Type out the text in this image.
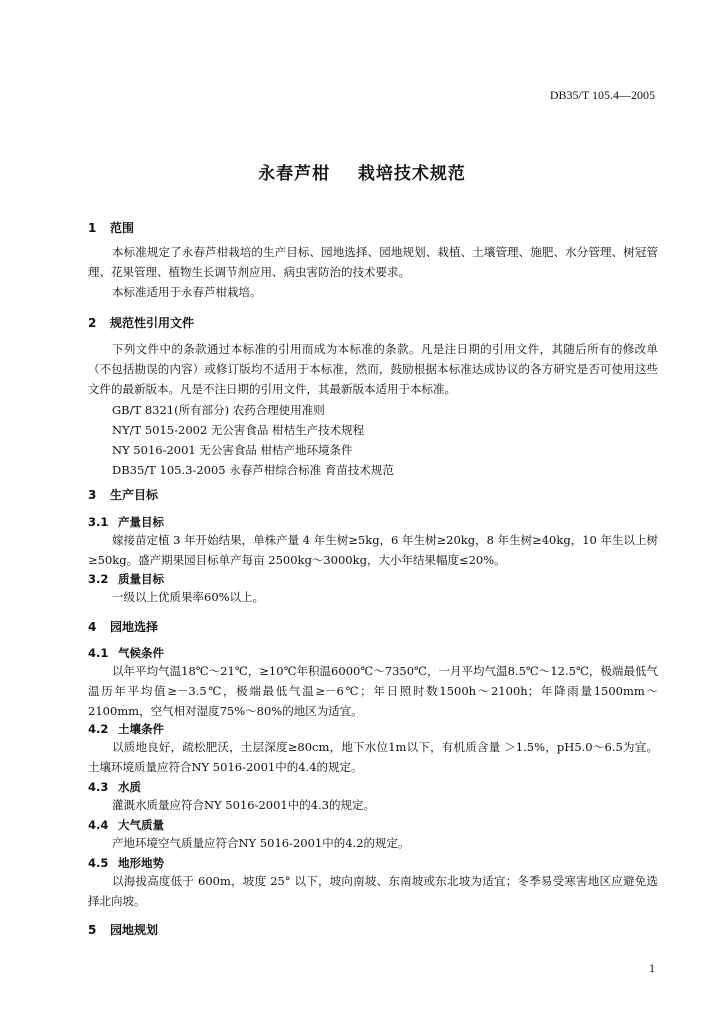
DB35/T 105.4—2005
永春芦柑    栽培技术规范
1 范围

本标准规定了永春芦柑栽培的生产目标、园地选择、园地规划、栽植、土壤管理、施肥、水分管理、树冠管理、花果管理、植物生长调节剂应用、病虫害防治的技术要求。

本标准适用于永春芦柑栽培。

2 规范性引用文件

下列文件中的条款通过本标准的引用而成为本标准的条款。凡是注日期的引用文件，其随后所有的修改单（不包括勘误的内容）或修订版均不适用于本标准，然而，鼓励根据本标准达成协议的各方研究是否可使用这些文件的最新版本。凡是不注日期的引用文件，其最新版本适用于本标准。

GB/T 8321(所有部分) 农药合理使用准则
NY/T 5015-2002 无公害食品 柑桔生产技术规程
NY 5016-2001 无公害食品 柑桔产地环境条件
DB35/T 105.3-2005 永春芦柑综合标准 育苗技术规范
3 生产目标
3.1 产量目标

嫁接苗定植 3 年开始结果，单株产量 4 年生树≥5kg，6 年生树≥20kg，8 年生树≥40kg，10 年生以上树≥50kg。盛产期果园目标单产每亩 2500kg～3000kg，大小年结果幅度≤20%。

3.2 质量目标

一级以上优质果率60%以上。

4 园地选择
4.1 气候条件

以年平均气温18℃～21℃，≥10℃年积温6000℃～7350℃，一月平均气温8.5℃～12.5℃，极端最低气温历年平均值≥－3.5℃，极端最低气温≥－6℃；年日照时数1500h～2100h；年降雨量1500mm～2100mm，空气相对湿度75%～80%的地区为适宜。

4.2 土壤条件

以质地良好，疏松肥沃，土层深度≥80cm，地下水位1m以下，有机质含量 ＞1.5%，pH5.0～6.5为宜。土壤环境质量应符合NY 5016-2001中的4.4的规定。

4.3 水质

灌溉水质量应符合NY 5016-2001中的4.3的规定。

4.4 大气质量

产地环境空气质量应符合NY 5016-2001中的4.2的规定。

4.5 地形地势

以海拔高度低于 600m，坡度 25° 以下，坡向南坡、东南坡或东北坡为适宜；冬季易受寒害地区应避免选择北向坡。

5 园地规划
1
